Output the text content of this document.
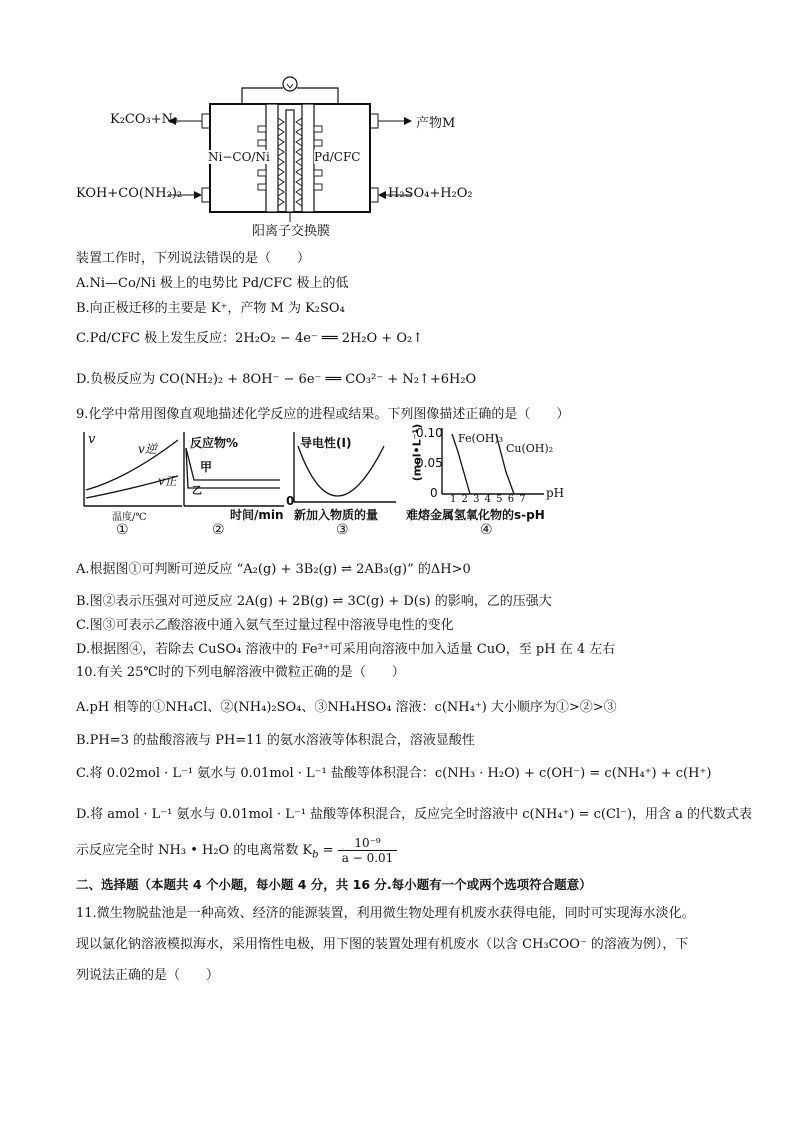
K₂CO₃+N₂
KOH+CO(NH₂)₂
产物M
H₂SO₄+H₂O₂
Ni−CO/Ni	Pd/CFC
阳离子交换膜
装置工作时，下列说法错误的是（　　）
A.Ni—Co/Ni 极上的电势比 Pd/CFC 极上的低
B.向正极迁移的主要是 K⁺，产物 M 为 K₂SO₄
C.Pd/CFC 极上发生反应：2H₂O₂ − 4e⁻ ══ 2H₂O + O₂↑
D.负极反应为 CO(NH₂)₂ + 8OH⁻ − 6e⁻ ══ CO₃²⁻ + N₂↑+6H₂O
9.化学中常用图像直观地描述化学反应的进程或结果。下列图像描述正确的是（　　）
v
v逆
v正
温度/℃
①
反应物%
甲
乙
时间/min
②
导电性(I)
0
新加入物质的量
③
(mol•L⁻¹)
0.10
0.05
0
Fe(OH)₃
Cu(OH)₂
1 2 3 4 5 6 7 pH
难熔金属氢氧化物的s-pH
④
A.根据图①可判断可逆反应 “A₂(g) + 3B₂(g) ⇌ 2AB₃(g)” 的ΔH>0
B.图②表示压强对可逆反应 2A(g) + 2B(g) ⇌ 3C(g) + D(s) 的影响，乙的压强大
C.图③可表示乙酸溶液中通入氨气至过量过程中溶液导电性的变化
D.根据图④，若除去 CuSO₄ 溶液中的 Fe³⁺可采用向溶液中加入适量 CuO，至 pH 在 4 左右
10.有关 25℃时的下列电解溶液中微粒正确的是（　　）
A.pH 相等的①NH₄Cl、②(NH₄)₂SO₄、③NH₄HSO₄ 溶液：c(NH₄⁺) 大小顺序为①>②>③
B.PH=3 的盐酸溶液与 PH=11 的氨水溶液等体积混合，溶液显酸性
C.将 0.02mol · L⁻¹ 氨水与 0.01mol · L⁻¹ 盐酸等体积混合：c(NH₃ · H₂O) + c(OH⁻) = c(NH₄⁺) + c(H⁺)
D.将 amol · L⁻¹ 氨水与 0.01mol · L⁻¹ 盐酸等体积混合，反应完全时溶液中 c(NH₄⁺) = c(Cl⁻)，用含 a 的代数式表
示反应完全时 NH₃ • H₂O 的电离常数 $K_b = \frac{\text{10⁻⁹}}{a - 0.01}$
二、选择题（本题共 4 个小题，每小题 4 分，共 16 分.每小题有一个或两个选项符合题意）
11.微生物脱盐池是一种高效、经济的能源装置，利用微生物处理有机废水获得电能，同时可实现海水淡化。
现以氯化钠溶液模拟海水，采用惰性电极，用下图的装置处理有机废水（以含 CH₃COO⁻ 的溶液为例），下
列说法正确的是（　　）
